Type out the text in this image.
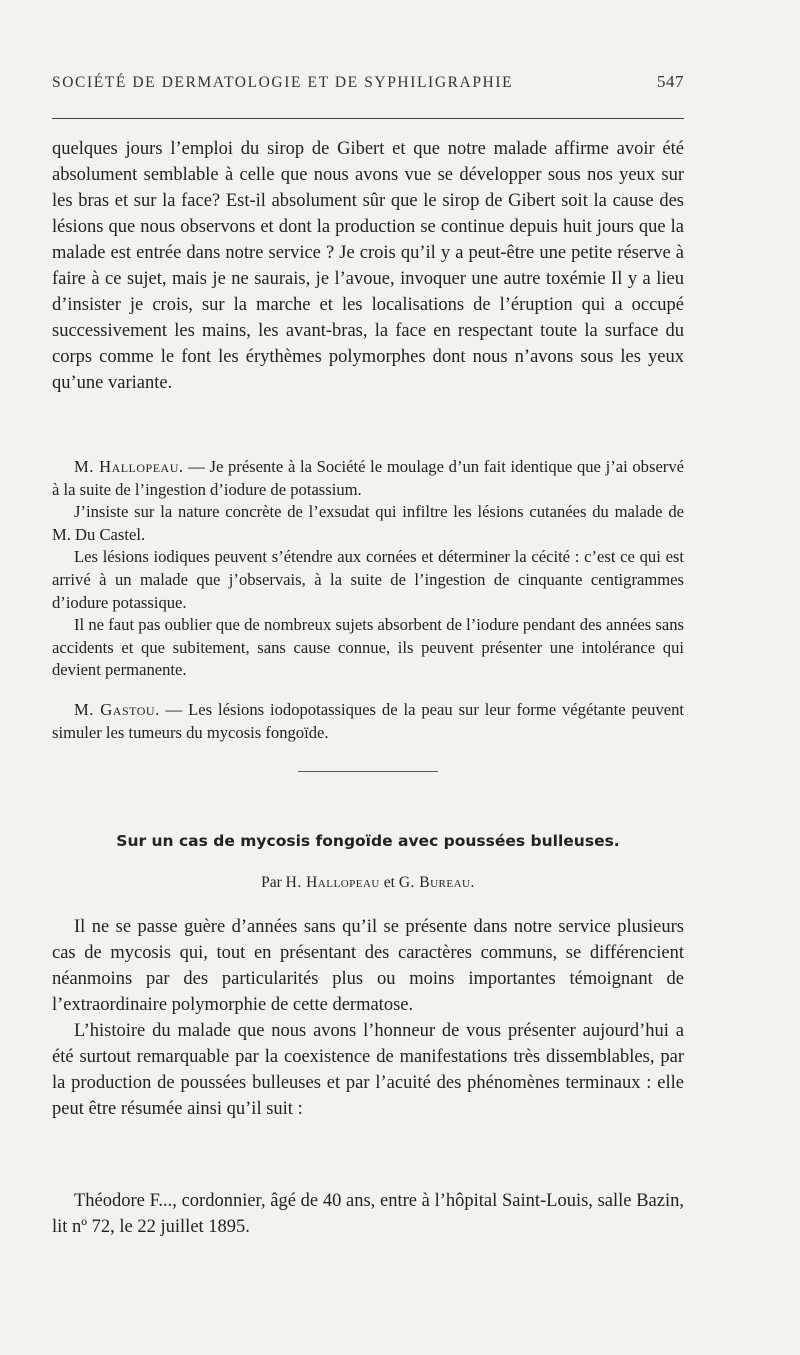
SOCIÉTÉ DE DERMATOLOGIE ET DE SYPHILIGRAPHIE	547

quelques jours l’emploi du sirop de Gibert et que notre malade affirme avoir été absolument semblable à celle que nous avons vue se développer sous nos yeux sur les bras et sur la face? Est-il absolument sûr que le sirop de Gibert soit la cause des lésions que nous observons et dont la production se continue depuis huit jours que la malade est entrée dans notre service ? Je crois qu’il y a peut-être une petite réserve à faire à ce sujet, mais je ne saurais, je l’avoue, invoquer une autre toxémie Il y a lieu d’insister je crois, sur la marche et les localisations de l’éruption qui a occupé successivement les mains, les avant-bras, la face en respectant toute la surface du corps comme le font les érythèmes polymorphes dont nous n’avons sous les yeux qu’une variante.

M. Hallopeau. — Je présente à la Société le moulage d’un fait identique que j’ai observé à la suite de l’ingestion d’iodure de potassium.

J’insiste sur la nature concrète de l’exsudat qui infiltre les lésions cutanées du malade de M. Du Castel.

Les lésions iodiques peuvent s’étendre aux cornées et déterminer la cécité : c’est ce qui est arrivé à un malade que j’observais, à la suite de l’ingestion de cinquante centigrammes d’iodure potassique.

Il ne faut pas oublier que de nombreux sujets absorbent de l’iodure pendant des années sans accidents et que subitement, sans cause connue, ils peuvent présenter une intolérance qui devient permanente.

M. Gastou. — Les lésions iodopotassiques de la peau sur leur forme végétante peuvent simuler les tumeurs du mycosis fongoïde.

Sur un cas de mycosis fongoïde avec poussées bulleuses.
Par H. Hallopeau et G. Bureau.

Il ne se passe guère d’années sans qu’il se présente dans notre service plusieurs cas de mycosis qui, tout en présentant des caractères communs, se différencient néanmoins par des particularités plus ou moins importantes témoignant de l’extraordinaire polymorphie de cette dermatose.

L’histoire du malade que nous avons l’honneur de vous présenter aujourd’hui a été surtout remarquable par la coexistence de manifestations très dissemblables, par la production de poussées bulleuses et par l’acuité des phénomènes terminaux : elle peut être résumée ainsi qu’il suit :

Théodore F..., cordonnier, âgé de 40 ans, entre à l’hôpital Saint-Louis, salle Bazin, lit nº 72, le 22 juillet 1895.
